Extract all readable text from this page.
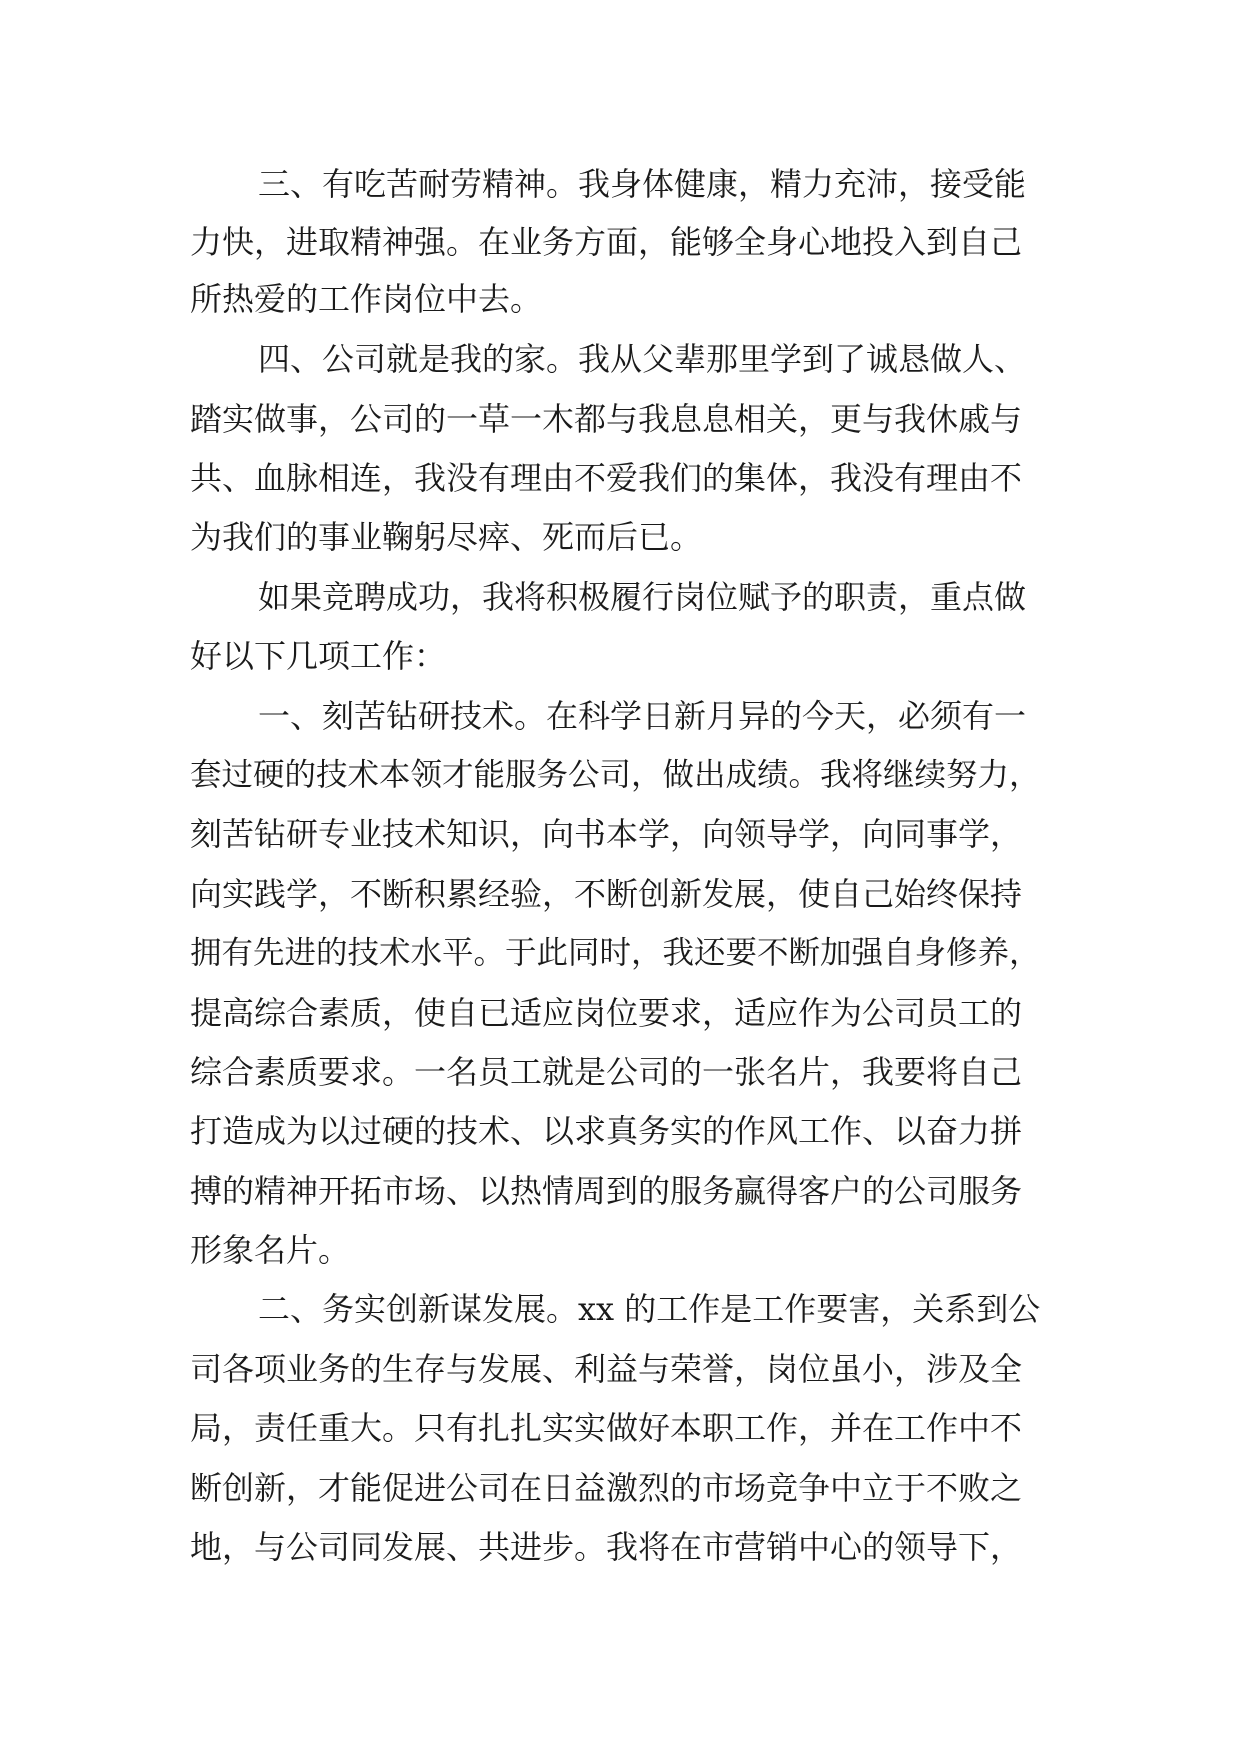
三、有吃苦耐劳精神。我身体健康，精力充沛，接受能
力快，进取精神强。在业务方面，能够全身心地投入到自己
所热爱的工作岗位中去。
四、公司就是我的家。我从父辈那里学到了诚恳做人、
踏实做事，公司的一草一木都与我息息相关，更与我休戚与
共、血脉相连，我没有理由不爱我们的集体，我没有理由不
为我们的事业鞠躬尽瘁、死而后已。
如果竞聘成功，我将积极履行岗位赋予的职责，重点做
好以下几项工作：
一、刻苦钻研技术。在科学日新月异的今天，必须有一
套过硬的技术本领才能服务公司，做出成绩。我将继续努力，
刻苦钻研专业技术知识，向书本学，向领导学，向同事学，
向实践学，不断积累经验，不断创新发展，使自己始终保持
拥有先进的技术水平。于此同时，我还要不断加强自身修养，
提高综合素质，使自已适应岗位要求，适应作为公司员工的
综合素质要求。一名员工就是公司的一张名片，我要将自己
打造成为以过硬的技术、以求真务实的作风工作、以奋力拼
搏的精神开拓市场、以热情周到的服务赢得客户的公司服务
形象名片。
二、务实创新谋发展。xx 的工作是工作要害，关系到公
司各项业务的生存与发展、利益与荣誉，岗位虽小，涉及全
局，责任重大。只有扎扎实实做好本职工作，并在工作中不
断创新，才能促进公司在日益激烈的市场竞争中立于不败之
地，与公司同发展、共进步。我将在市营销中心的领导下，
